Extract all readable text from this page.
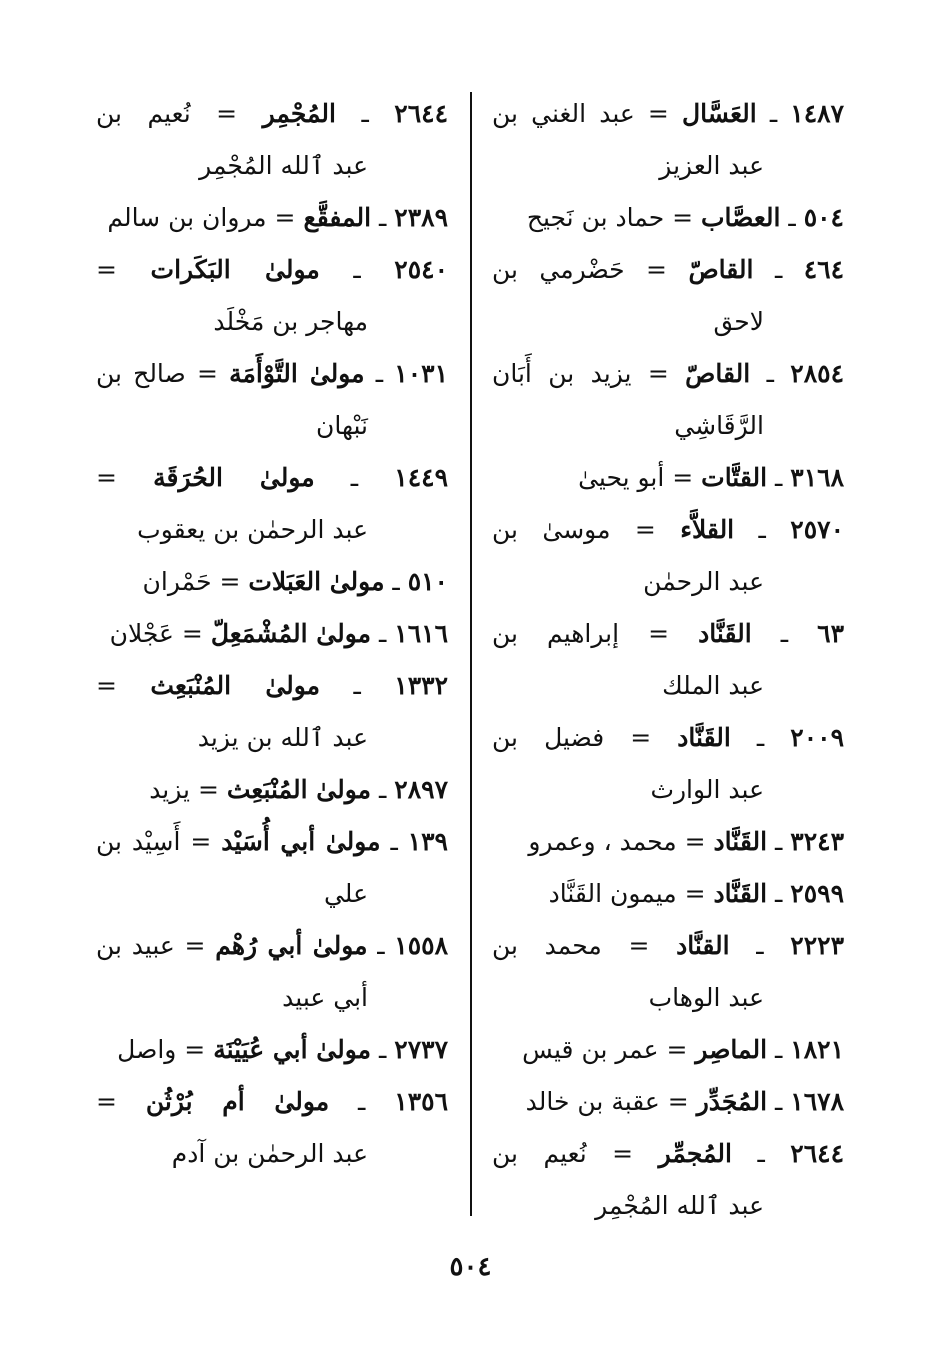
١٤٨٧ ـ العَسَّال = عبد الغني بن
عبد العزيز
٥٠٤ ـ العصَّاب = حماد بن نَجيح
٤٦٤ ـ القاصّ = حَضْرمي بن
لاحق
٢٨٥٤ ـ القاصّ = يزيد بن أَبَان
الرَّقَاشِي
٣١٦٨ ـ القتَّات = أبو يحيىٰ
٢٥٧٠ ـ القلاَّء = موسىٰ بن
عبد الرحمٰن
٦٣ ـ القَنَّاد = إبراهيم بن
عبد الملك
٢٠٠٩ ـ القَنَّاد = فضيل بن
عبد الوارث
٣٢٤٣ ـ القَنَّاد = محمد ، وعمرو
٢٥٩٩ ـ القَنَّاد = ميمون القَنَّاد
٢٢٢٣ ـ القنَّاد = محمد بن
عبد الوهاب
١٨٢١ ـ الماصِر = عمر بن قيس
١٦٧٨ ـ المُجَدِّر = عقبة بن خالد
٢٦٤٤ ـ المُجمِّر = نُعيم بن
عبد ٱلله المُجْمِر
٢٦٤٤ ـ المُجْمِر = نُعيم بن
عبد ٱلله المُجْمِر
٢٣٨٩ ـ المفقَّع = مروان بن سالم
٢٥٤٠ ـ مولىٰ البَكَرات =
مهاجر بن مَخْلَد
١٠٣١ ـ مولىٰ التَّوْأَمَة = صالح بن
نَبْهان
١٤٤٩ ـ مولىٰ الحُرَقَة =
عبد الرحمٰن بن يعقوب
٥١٠ ـ مولىٰ العَبَلات = حَمْران
١٦١٦ ـ مولىٰ المُشْمَعِلّ = عَجْلان
١٣٣٢ ـ مولىٰ المُنْبَعِث =
عبد ٱلله بن يزيد
٢٨٩٧ ـ مولىٰ المُنْبَعِث = يزيد
١٣٩ ـ مولىٰ أبي أُسَيْد = أَسِيْد بن
علي
١٥٥٨ ـ مولىٰ أبي رُهْم = عبيد بن
أبي عبيد
٢٧٣٧ ـ مولىٰ أبي عُيَيْنَة = واصل
١٣٥٦ ـ مولىٰ أم بُرْثُن =
عبد الرحمٰن بن آدم
٥٠٤
